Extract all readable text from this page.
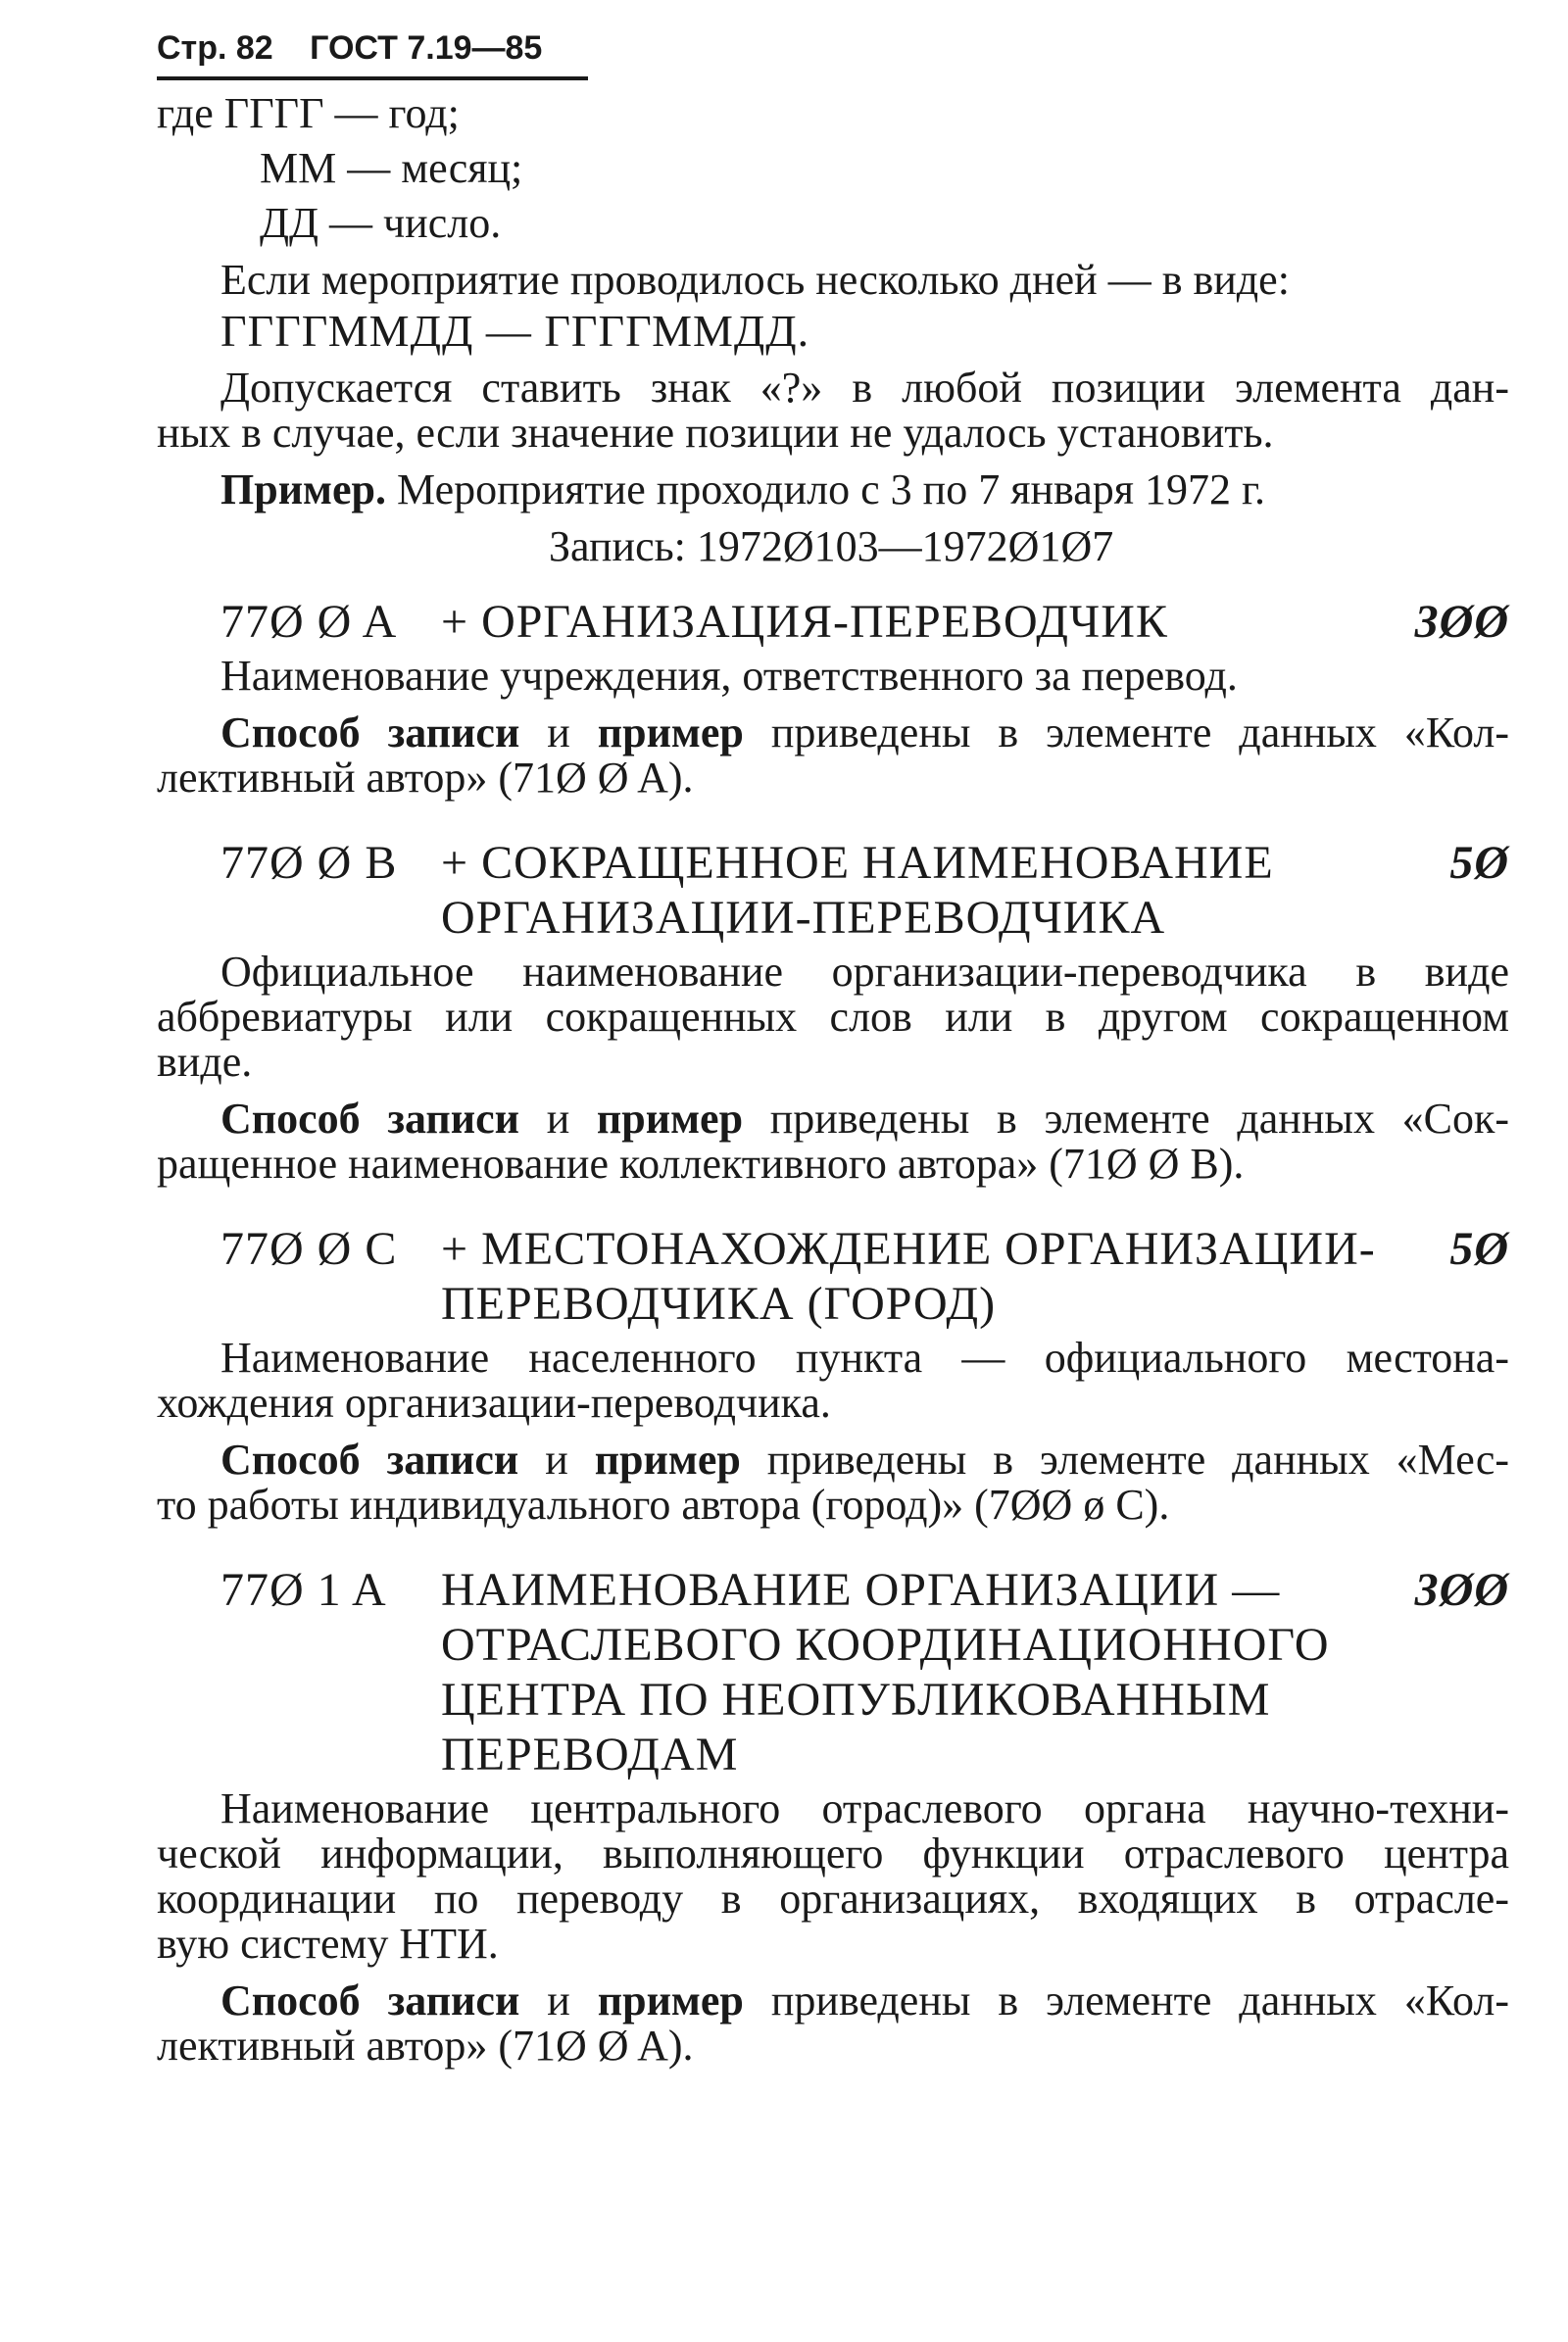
Стр. 82 ГОСТ 7.19—85
где ГГГГ — год;
ММ — месяц;
ДД — число.
Если мероприятие проводилось несколько дней — в виде:
ГГГГММДД — ГГГГММДД.
Допускается ставить знак «?» в любой позиции элемента дан-
ных в случае, если значение позиции не удалось установить.
Пример. Мероприятие проходило с 3 по 7 января 1972 г.
Запись: 1972Ø103—1972Ø1Ø7
77Ø Ø A + ОРГАНИЗАЦИЯ-ПЕРЕВОДЧИК	3ØØ
Наименование учреждения, ответственного за перевод.
Способ записи и пример приведены в элементе данных «Кол-
лективный автор» (71Ø Ø A).
77Ø Ø B + СОКРАЩЕННОЕ НАИМЕНОВАНИЕ
ОРГАНИЗАЦИИ-ПЕРЕВОДЧИКА
5Ø
Официальное наименование организации-переводчика в виде
аббревиатуры или сокращенных слов или в другом сокращенном
виде.
Способ записи и пример приведены в элементе данных «Сок-
ращенное наименование коллективного автора» (71Ø Ø B).
77Ø Ø C + МЕСТОНАХОЖДЕНИЕ ОРГАНИЗАЦИИ-
ПЕРЕВОДЧИКА (ГОРОД)
5Ø
Наименование населенного пункта — официального местона-
хождения организации-переводчика.
Способ записи и пример приведены в элементе данных «Мес-
то работы индивидуального автора (город)» (7ØØ ø C).
77Ø 1 A	НАИМЕНОВАНИЕ ОРГАНИЗАЦИИ —
ОТРАСЛЕВОГО КООРДИНАЦИОННОГО
ЦЕНТРА ПО НЕОПУБЛИКОВАННЫМ
ПЕРЕВОДАМ
3ØØ
Наименование центрального отраслевого органа научно-техни-
ческой информации, выполняющего функции отраслевого центра
координации по переводу в организациях, входящих в отрасле-
вую систему НТИ.
Способ записи и пример приведены в элементе данных «Кол-
лективный автор» (71Ø Ø A).
